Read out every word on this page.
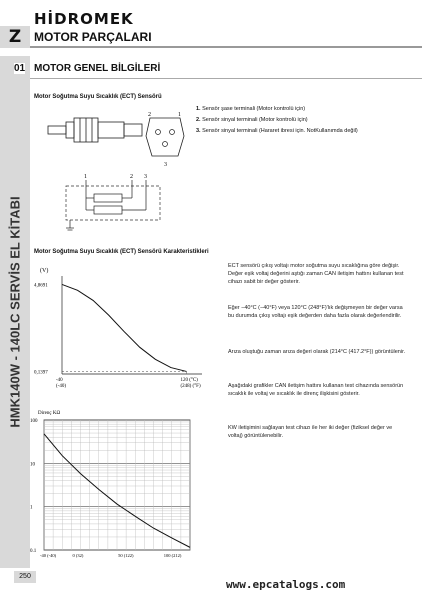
HİDROMEK
Z	MOTOR PARÇALARI
HMK140W - 140LC SERVİS EL KİTABI
01 MOTOR GENEL BİLGİLERİ
Motor Soğutma Suyu Sıcaklık (ECT) Sensörü
2	1
3
1. Sensör şase terminali (Motor kontrolü için)
2. Sensör sinyal terminali (Motor kontrolü için)
3. Sensör sinyal terminali (Hararet ibresi için. NotKullanımda değil)
1	2 3
Motor Soğutma Suyu Sıcaklık (ECT) Sensörü Karakteristikleri
(V)
4,8691
0,1397
-40
(-40)
120 (°C)
(248) (°F)
Direnç KΩ
100
10
1
0.1
-40 (-40)	0 (32)	50 (122)	100 (212)
ECT sensörü çıkış voltajı motor soğutma suyu sıcaklığına göre değişir. Değer eşik voltaj değerini aştığı zaman CAN iletişim hattını kullanan test cihazı sabit bir değer gösterir.
Eğer −40°C (−40°F) veya 120°C (248°F)'lık değişmeyen bir değer varsa bu durumda çıkış voltajı eşik değerden daha fazla olarak değerlendirilir.
Arıza oluştuğu zaman arıza değeri olarak (214°C (417.2°F)) görüntülenir.
Aşağıdaki grafikler CAN iletişim hattını kullanan test cihazında sensörün sıcaklık ile voltaj ve sıcaklık ile direnç ilişkisini gösterir.
KW iletişimini sağlayan test cihazı ile her iki değer (fiziksel değer ve voltaj) görüntülenebilir.
250
www.epcatalogs.com
